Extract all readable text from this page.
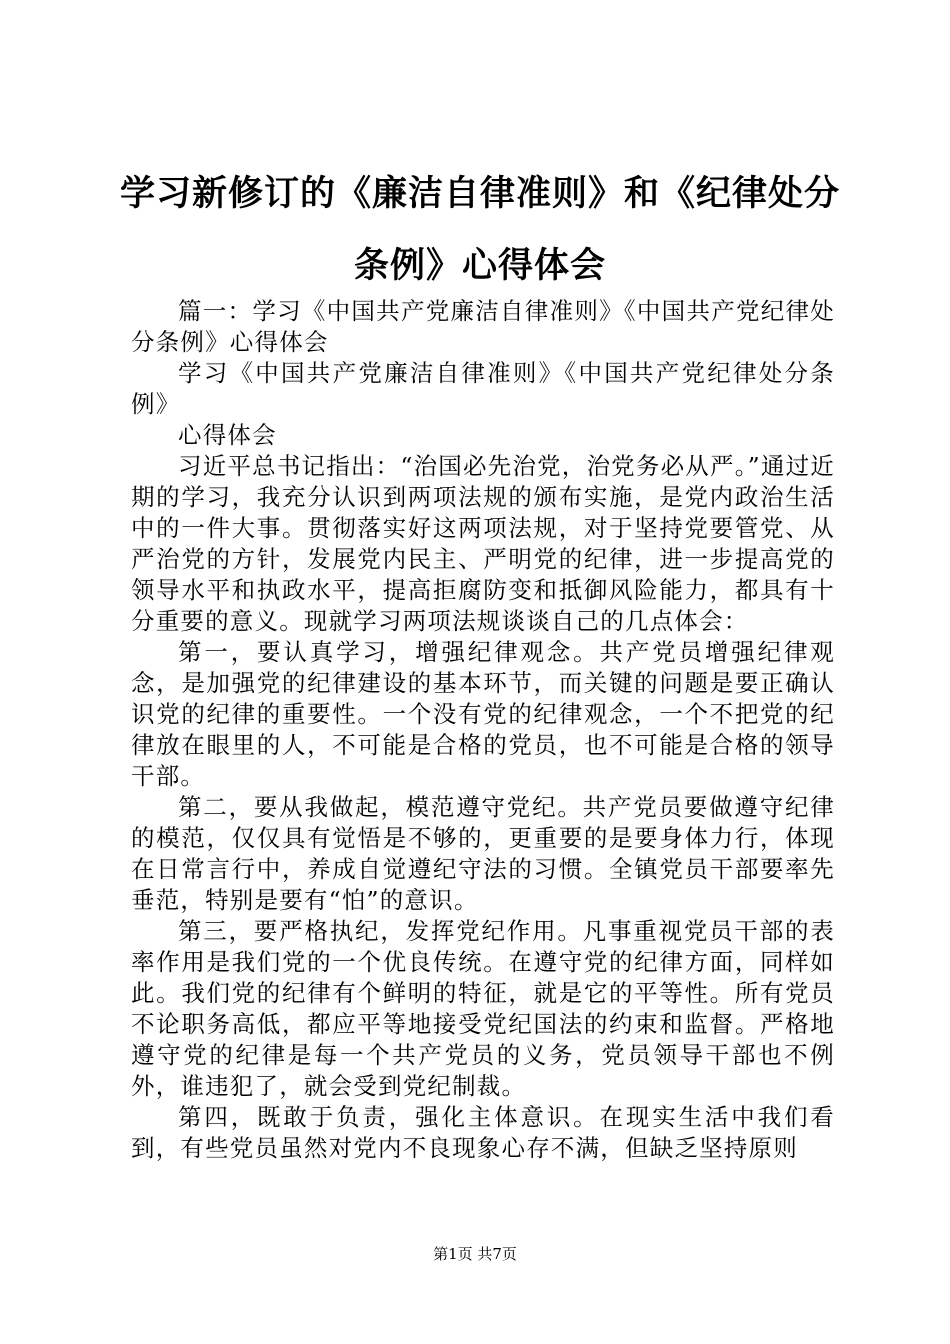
学习新修订的《廉洁自律准则》和《纪律处分
条例》心得体会

篇一：学习《中国共产党廉洁自律准则》《中国共产党纪律处分条例》心得体会

学习《中国共产党廉洁自律准则》《中国共产党纪律处分条例》

心得体会

习近平总书记指出：“治国必先治党，治党务必从严。”通过近期的学习，我充分认识到两项法规的颁布实施，是党内政治生活中的一件大事。贯彻落实好这两项法规，对于坚持党要管党、从严治党的方针，发展党内民主、严明党的纪律，进一步提高党的领导水平和执政水平，提高拒腐防变和抵御风险能力，都具有十分重要的意义。现就学习两项法规谈谈自己的几点体会：

第一，要认真学习，增强纪律观念。共产党员增强纪律观念，是加强党的纪律建设的基本环节，而关键的问题是要正确认识党的纪律的重要性。一个没有党的纪律观念，一个不把党的纪律放在眼里的人，不可能是合格的党员，也不可能是合格的领导干部。

第二，要从我做起，模范遵守党纪。共产党员要做遵守纪律的模范，仅仅具有觉悟是不够的，更重要的是要身体力行，体现在日常言行中，养成自觉遵纪守法的习惯。全镇党员干部要率先垂范，特别是要有“怕”的意识。

第三，要严格执纪，发挥党纪作用。凡事重视党员干部的表率作用是我们党的一个优良传统。在遵守党的纪律方面，同样如此。我们党的纪律有个鲜明的特征，就是它的平等性。所有党员不论职务高低，都应平等地接受党纪国法的约束和监督。严格地遵守党的纪律是每一个共产党员的义务，党员领导干部也不例外，谁违犯了，就会受到党纪制裁。

第四，既敢于负责，强化主体意识。在现实生活中我们看到，有些党员虽然对党内不良现象心存不满，但缺乏坚持原则

第1页 共7页
